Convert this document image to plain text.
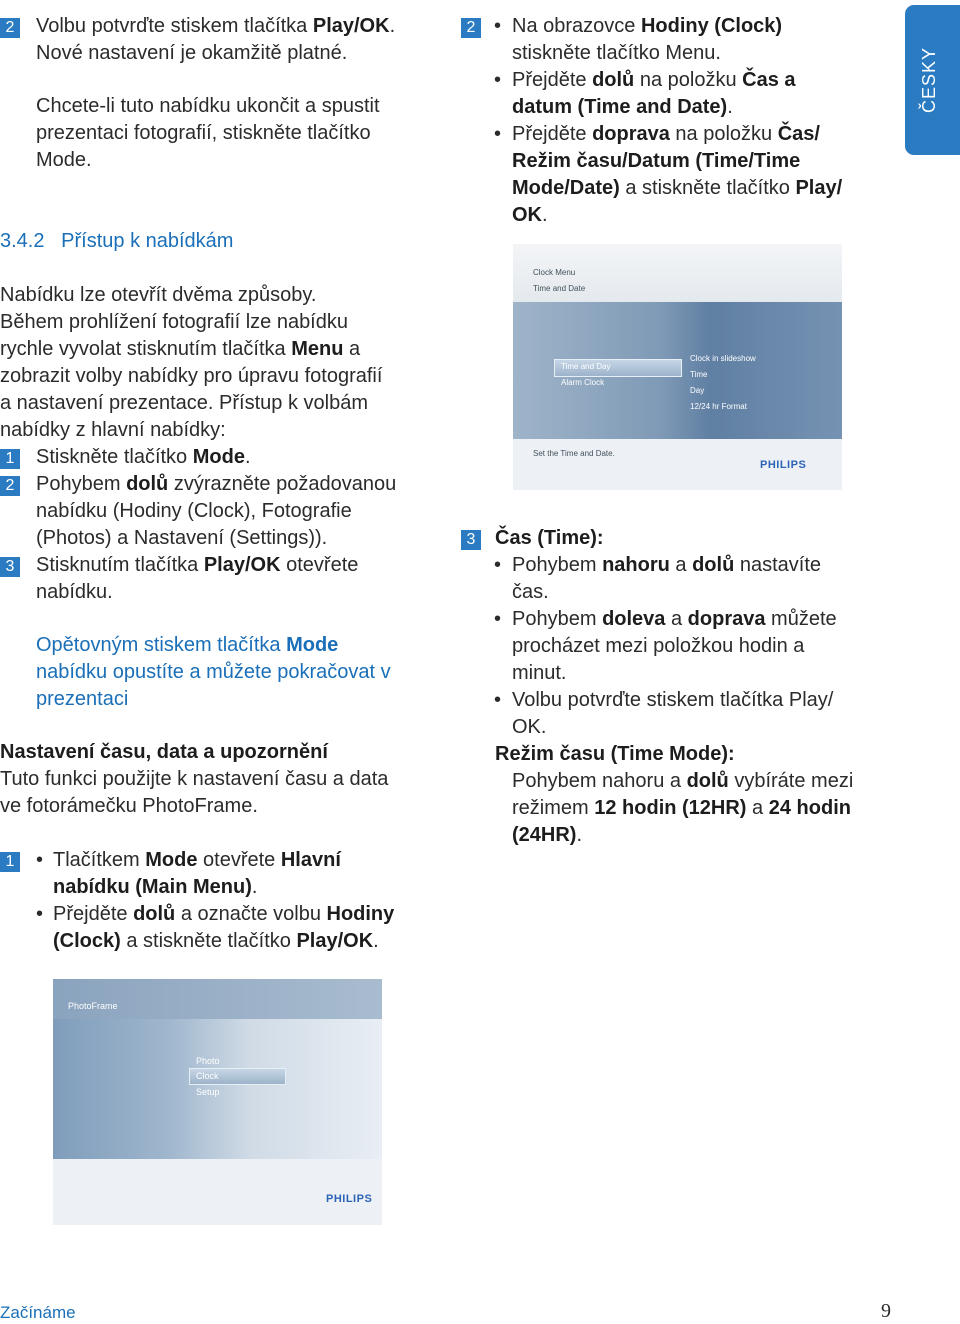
ČESKY
2 Volbu potvrďte stiskem tlačítka Play/OK.
Nové nastavení je okamžitě platné.
Chcete-li tuto nabídku ukončit a spustit
prezentaci fotografií, stiskněte tlačítko
Mode.
3.4.2   Přístup k nabídkám
Nabídku lze otevřít dvěma způsoby.
Během prohlížení fotografií lze nabídku
rychle vyvolat stisknutím tlačítka Menu a
zobrazit volby nabídky pro úpravu fotografií
a nastavení prezentace. Přístup k volbám
nabídky z hlavní nabídky:
1 Stiskněte tlačítko Mode.
2 Pohybem dolů zvýrazněte požadovanou
nabídku (Hodiny (Clock), Fotografie
(Photos) a Nastavení (Settings)).
3 Stisknutím tlačítka Play/OK otevřete
nabídku.
Opětovným stiskem tlačítka Mode
nabídku opustíte a můžete pokračovat v
prezentaci
Nastavení času, data a upozornění
Tuto funkci použijte k nastavení času a data
ve fotorámečku PhotoFrame.
1 • Tlačítkem Mode otevřete Hlavní
nabídku (Main Menu).
• Přejděte dolů a označte volbu Hodiny
(Clock) a stiskněte tlačítko Play/OK.
PhotoFrame
Photo
Clock
Setup
PHILIPS
2 • Na obrazovce Hodiny (Clock)
stiskněte tlačítko Menu.
• Přejděte dolů na položku Čas a
datum (Time and Date).
• Přejděte doprava na položku Čas/
Režim času/Datum (Time/Time
Mode/Date) a stiskněte tlačítko Play/
OK.
Clock Menu
Time and Date
Time and Day
Alarm Clock
Clock in slideshow
Time
Day
12/24 hr Format
Set the Time and Date.
PHILIPS
3 Čas (Time):
• Pohybem nahoru a dolů nastavíte
čas.
• Pohybem doleva a doprava můžete
procházet mezi položkou hodin a
minut.
• Volbu potvrďte stiskem tlačítka Play/
OK.
Režim času (Time Mode):
Pohybem nahoru a dolů vybíráte mezi
režimem 12 hodin (12HR) a 24 hodin
(24HR).
Začínáme	9
